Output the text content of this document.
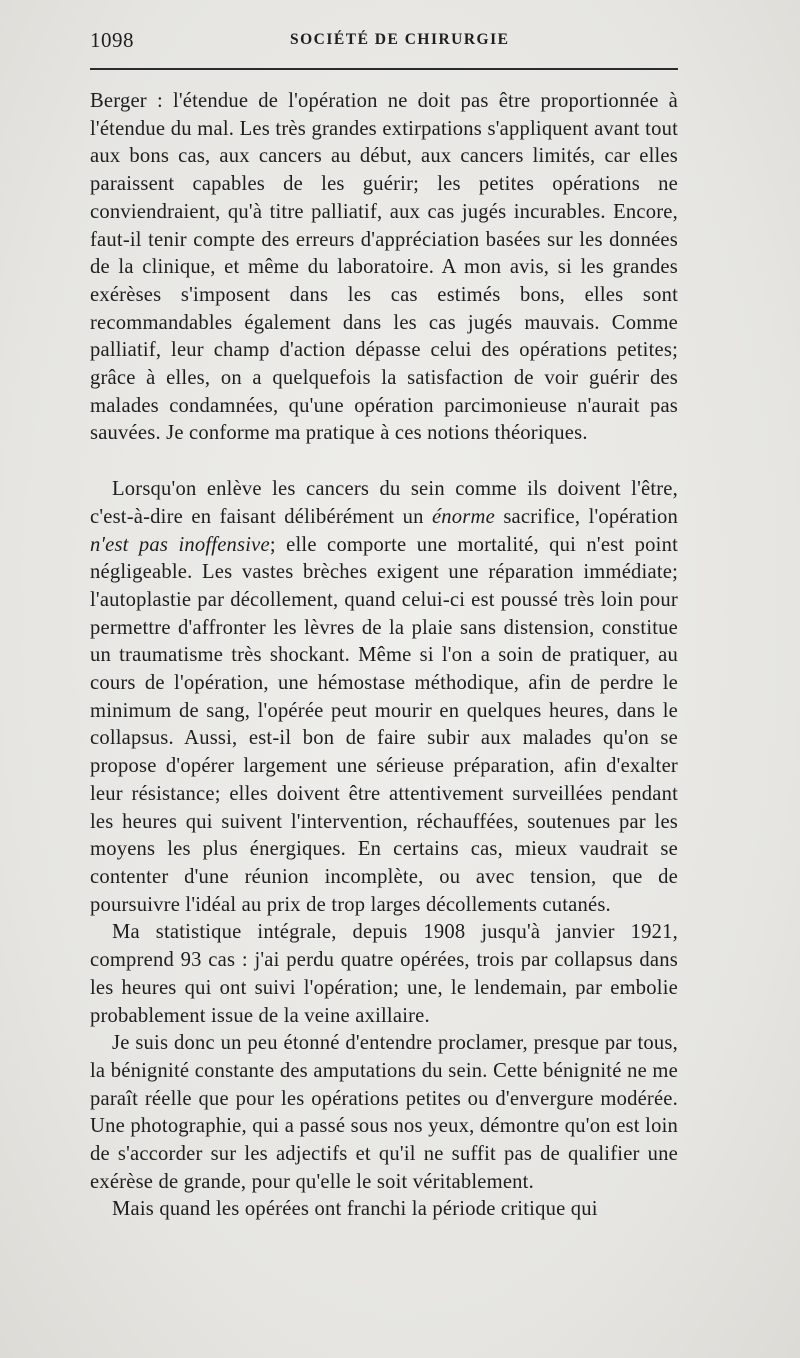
1098	SOCIÉTÉ DE CHIRURGIE

Berger : l'étendue de l'opération ne doit pas être proportionnée à l'étendue du mal. Les très grandes extirpations s'appliquent avant tout aux bons cas, aux cancers au début, aux cancers limités, car elles paraissent capables de les guérir; les petites opérations ne conviendraient, qu'à titre palliatif, aux cas jugés incurables. Encore, faut-il tenir compte des erreurs d'appréciation basées sur les données de la clinique, et même du laboratoire. A mon avis, si les grandes exérèses s'imposent dans les cas estimés bons, elles sont recommandables également dans les cas jugés mauvais. Comme palliatif, leur champ d'action dépasse celui des opérations petites; grâce à elles, on a quelquefois la satisfaction de voir guérir des malades condamnées, qu'une opération parcimonieuse n'aurait pas sauvées. Je conforme ma pratique à ces notions théoriques.

Lorsqu'on enlève les cancers du sein comme ils doivent l'être, c'est-à-dire en faisant délibérément un énorme sacrifice, l'opération n'est pas inoffensive; elle comporte une mortalité, qui n'est point négligeable. Les vastes brèches exigent une réparation immédiate; l'autoplastie par décollement, quand celui-ci est poussé très loin pour permettre d'affronter les lèvres de la plaie sans distension, constitue un traumatisme très shockant. Même si l'on a soin de pratiquer, au cours de l'opération, une hémostase méthodique, afin de perdre le minimum de sang, l'opérée peut mourir en quelques heures, dans le collapsus. Aussi, est-il bon de faire subir aux malades qu'on se propose d'opérer largement une sérieuse préparation, afin d'exalter leur résistance; elles doivent être attentivement surveillées pendant les heures qui suivent l'intervention, réchauffées, soutenues par les moyens les plus énergiques. En certains cas, mieux vaudrait se contenter d'une réunion incomplète, ou avec tension, que de poursuivre l'idéal au prix de trop larges décollements cutanés.

Ma statistique intégrale, depuis 1908 jusqu'à janvier 1921, comprend 93 cas : j'ai perdu quatre opérées, trois par collapsus dans les heures qui ont suivi l'opération; une, le lendemain, par embolie probablement issue de la veine axillaire.

Je suis donc un peu étonné d'entendre proclamer, presque par tous, la bénignité constante des amputations du sein. Cette bénignité ne me paraît réelle que pour les opérations petites ou d'envergure modérée. Une photographie, qui a passé sous nos yeux, démontre qu'on est loin de s'accorder sur les adjectifs et qu'il ne suffit pas de qualifier une exérèse de grande, pour qu'elle le soit véritablement.

Mais quand les opérées ont franchi la période critique qui
